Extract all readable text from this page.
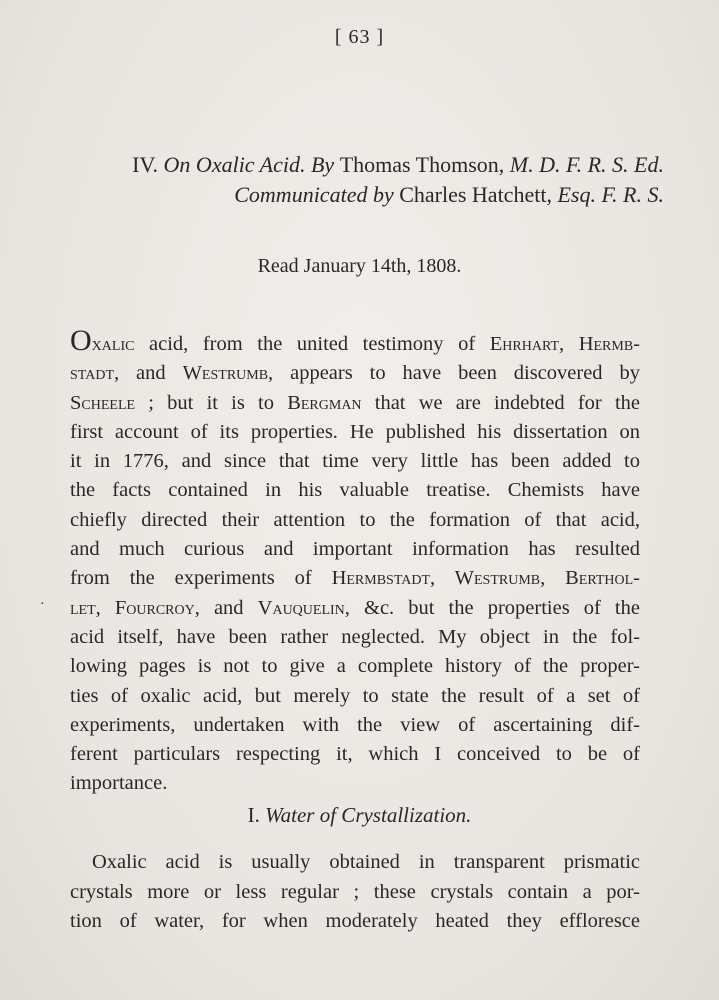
[ 63 ]
IV. On Oxalic Acid. By Thomas Thomson, M. D. F. R. S. Ed.
Communicated by Charles Hatchett, Esq. F. R. S.
Read January 14th, 1808.
Oxalic acid, from the united testimony of Ehrhart, Hermb-
stadt, and Westrumb, appears to have been discovered by
Scheele ; but it is to Bergman that we are indebted for the
first account of its properties. He published his dissertation on
it in 1776, and since that time very little has been added to
the facts contained in his valuable treatise. Chemists have
chiefly directed their attention to the formation of that acid,
and much curious and important information has resulted
from the experiments of Hermbstadt, Westrumb, Berthol-
let, Fourcroy, and Vauquelin, &c. but the properties of the
acid itself, have been rather neglected. My object in the fol-
lowing pages is not to give a complete history of the proper-
ties of oxalic acid, but merely to state the result of a set of
experiments, undertaken with the view of ascertaining dif-
ferent particulars respecting it, which I conceived to be of
importance.
·
I. Water of Crystallization.
Oxalic acid is usually obtained in transparent prismatic
crystals more or less regular ; these crystals contain a por-
tion of water, for when moderately heated they effloresce
